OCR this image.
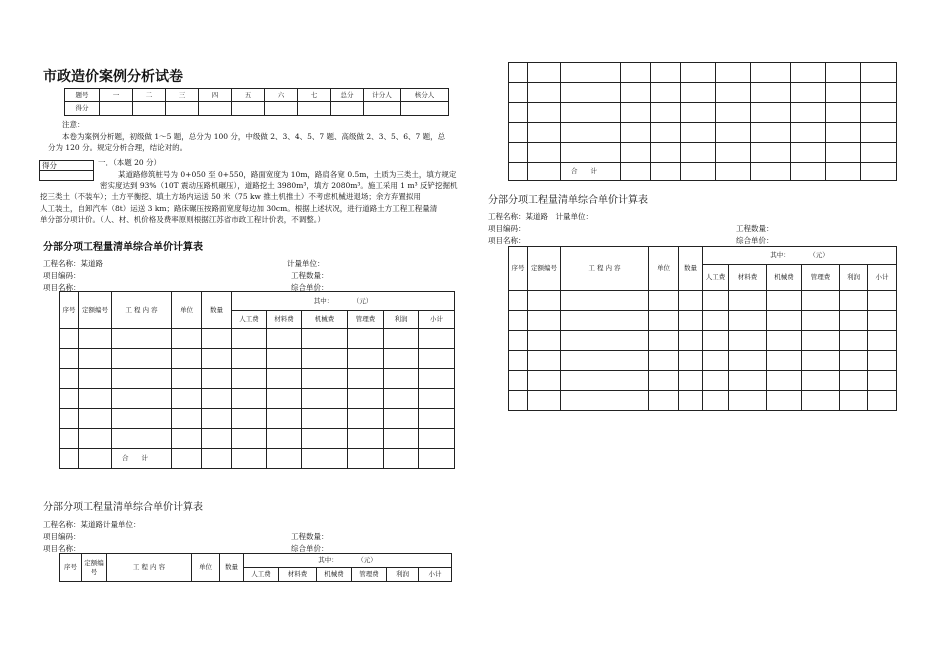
市政造价案例分析试卷
题号	一	二	三	四	五	六	七	总分	计分人	核分人
得分										
注意：

本卷为案例分析题，初级做 1〜5 题，总分为 100 分，中级做 2、3、4、5、7 题、高级做 2、3、5、6、7 题，总

分为 120 分。规定分析合理，结论对的。

得分	一．（本题 20 分）

某道路修筑桩号为 0+050 至 0+550，路面宽度为 10m，路肩各宽 0.5m，土质为三类土，填方规定

密实度达到 93%（10T 震动压路机碾压），道路挖土 3980m³，填方 2080m³。施工采用 1 m³ 反铲挖掘机

挖三类土（不装车）；土方平衡挖、填土方场内运送 50 米（75 kw 推土机推土）不考虑机械进退场；余方弃置拟用

人工装土，自卸汽车（8t）运送 3 km；路床碾压按路面宽度每边加 30cm。根据上述状况，进行道路土方工程工程量清

单分部分项计价。（人、材、机价格及费率原则根据江苏省市政工程计价表，不调整。）

分部分项工程量清单综合单价计算表
工程名称：某道路
项目编码：
项目名称：
计量单位：
工程数量：
综合单价：
序号	定额编号	工 程 内 容	单位	数量	其中：　　　　 （元）					
					人工费	材料费	机械费	管理费	利润	小计

		合　　计								
分部分项工程量清单综合单价计算表
工程名称：某道路计量单位：
项目编码：
项目名称：
工程数量：
综合单价：
序号	定额编号	工 程 内 容	单位	数量	其中：　　　　 （元）					
					人工费	材料费	机械费	管理费	利润	小计

		合　　计								
分部分项工程量清单综合单价计算表
工程名称：某道路　计量单位：
项目编码：
项目名称：
工程数量：
综合单价：
序号	定额编号	工 程 内 容	单位	数量	其中：　　　　 （元）					
					人工费	材料费	机械费	管理费	利润	小计
